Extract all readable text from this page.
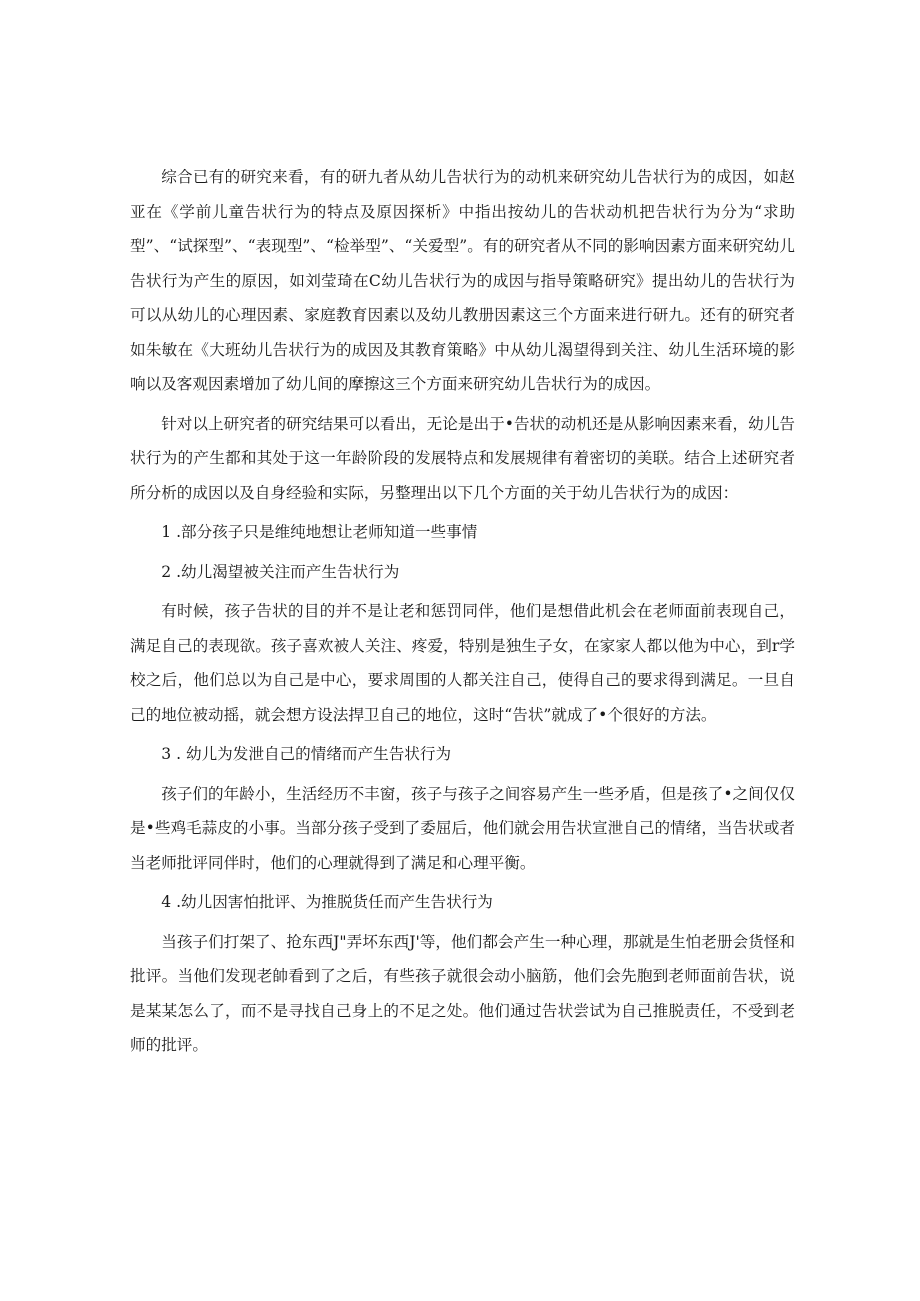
综合已有的研究来看，有的研九者从幼儿告状行为的动机来研究幼儿告状行为的成因，如赵亚在《学前儿童告状行为的特点及原因探析》中指出按幼儿的告状动机把告状行为分为“求助型”、“试探型”、“表现型”、“检举型”、“关爱型”。有的研究者从不同的影响因素方面来研究幼儿告状行为产生的原因，如刘莹琦在C幼儿告状行为的成因与指导策略研究》提出幼儿的告状行为可以从幼儿的心理因素、家庭教育因素以及幼儿教册因素这三个方面来进行研九。还有的研究者如朱敏在《大班幼儿告状行为的成因及其教育策略》中从幼儿渴望得到关注、幼儿生活环境的影响以及客观因素增加了幼儿间的摩擦这三个方面来研究幼儿告状行为的成因。

针对以上研究者的研究结果可以看出，无论是出于•告状的动机还是从影响因素来看，幼儿告状行为的产生都和其处于这一年龄阶段的发展特点和发展规律有着密切的美联。结合上述研究者所分析的成因以及自身经验和实际，另整理出以下几个方面的关于幼儿告状行为的成因：

1 .部分孩子只是维纯地想让老师知道一些事情

2 .幼儿渴望被关注而产生告状行为

有时候，孩子告状的目的并不是让老和惩罚同伴，他们是想借此机会在老师面前表现自己，满足自己的表现欲。孩子喜欢被人关注、疼爱，特别是独生子女，在家家人都以他为中心，到r学校之后，他们总以为自己是中心，要求周围的人都关注自己，使得自己的要求得到满足。一旦自己的地位被动摇，就会想方设法捍卫自己的地位，这时“告状”就成了•个很好的方法。

3 . 幼儿为发泄自己的情绪而产生告状行为

孩子们的年龄小，生活经历不丰窗，孩子与孩子之间容易产生一些矛盾，但是孩了•之间仅仅是•些鸡毛蒜皮的小事。当部分孩子受到了委屈后，他们就会用告状宣泄自己的情绪，当告状或者当老师批评同伴时，他们的心理就得到了满足和心理平衡。

4 .幼儿因害怕批评、为推脱货任而产生告状行为

当孩子们打架了、抢东西J"弄坏东西J'等，他们都会产生一种心理，那就是生怕老册会货怪和批评。当他们发现老帥看到了之后，有些孩子就很会动小脑筋，他们会先胞到老师面前告状，说是某某怎么了，而不是寻找自己身上的不足之处。他们通过告状尝试为自己推脱责任，不受到老师的批评。
